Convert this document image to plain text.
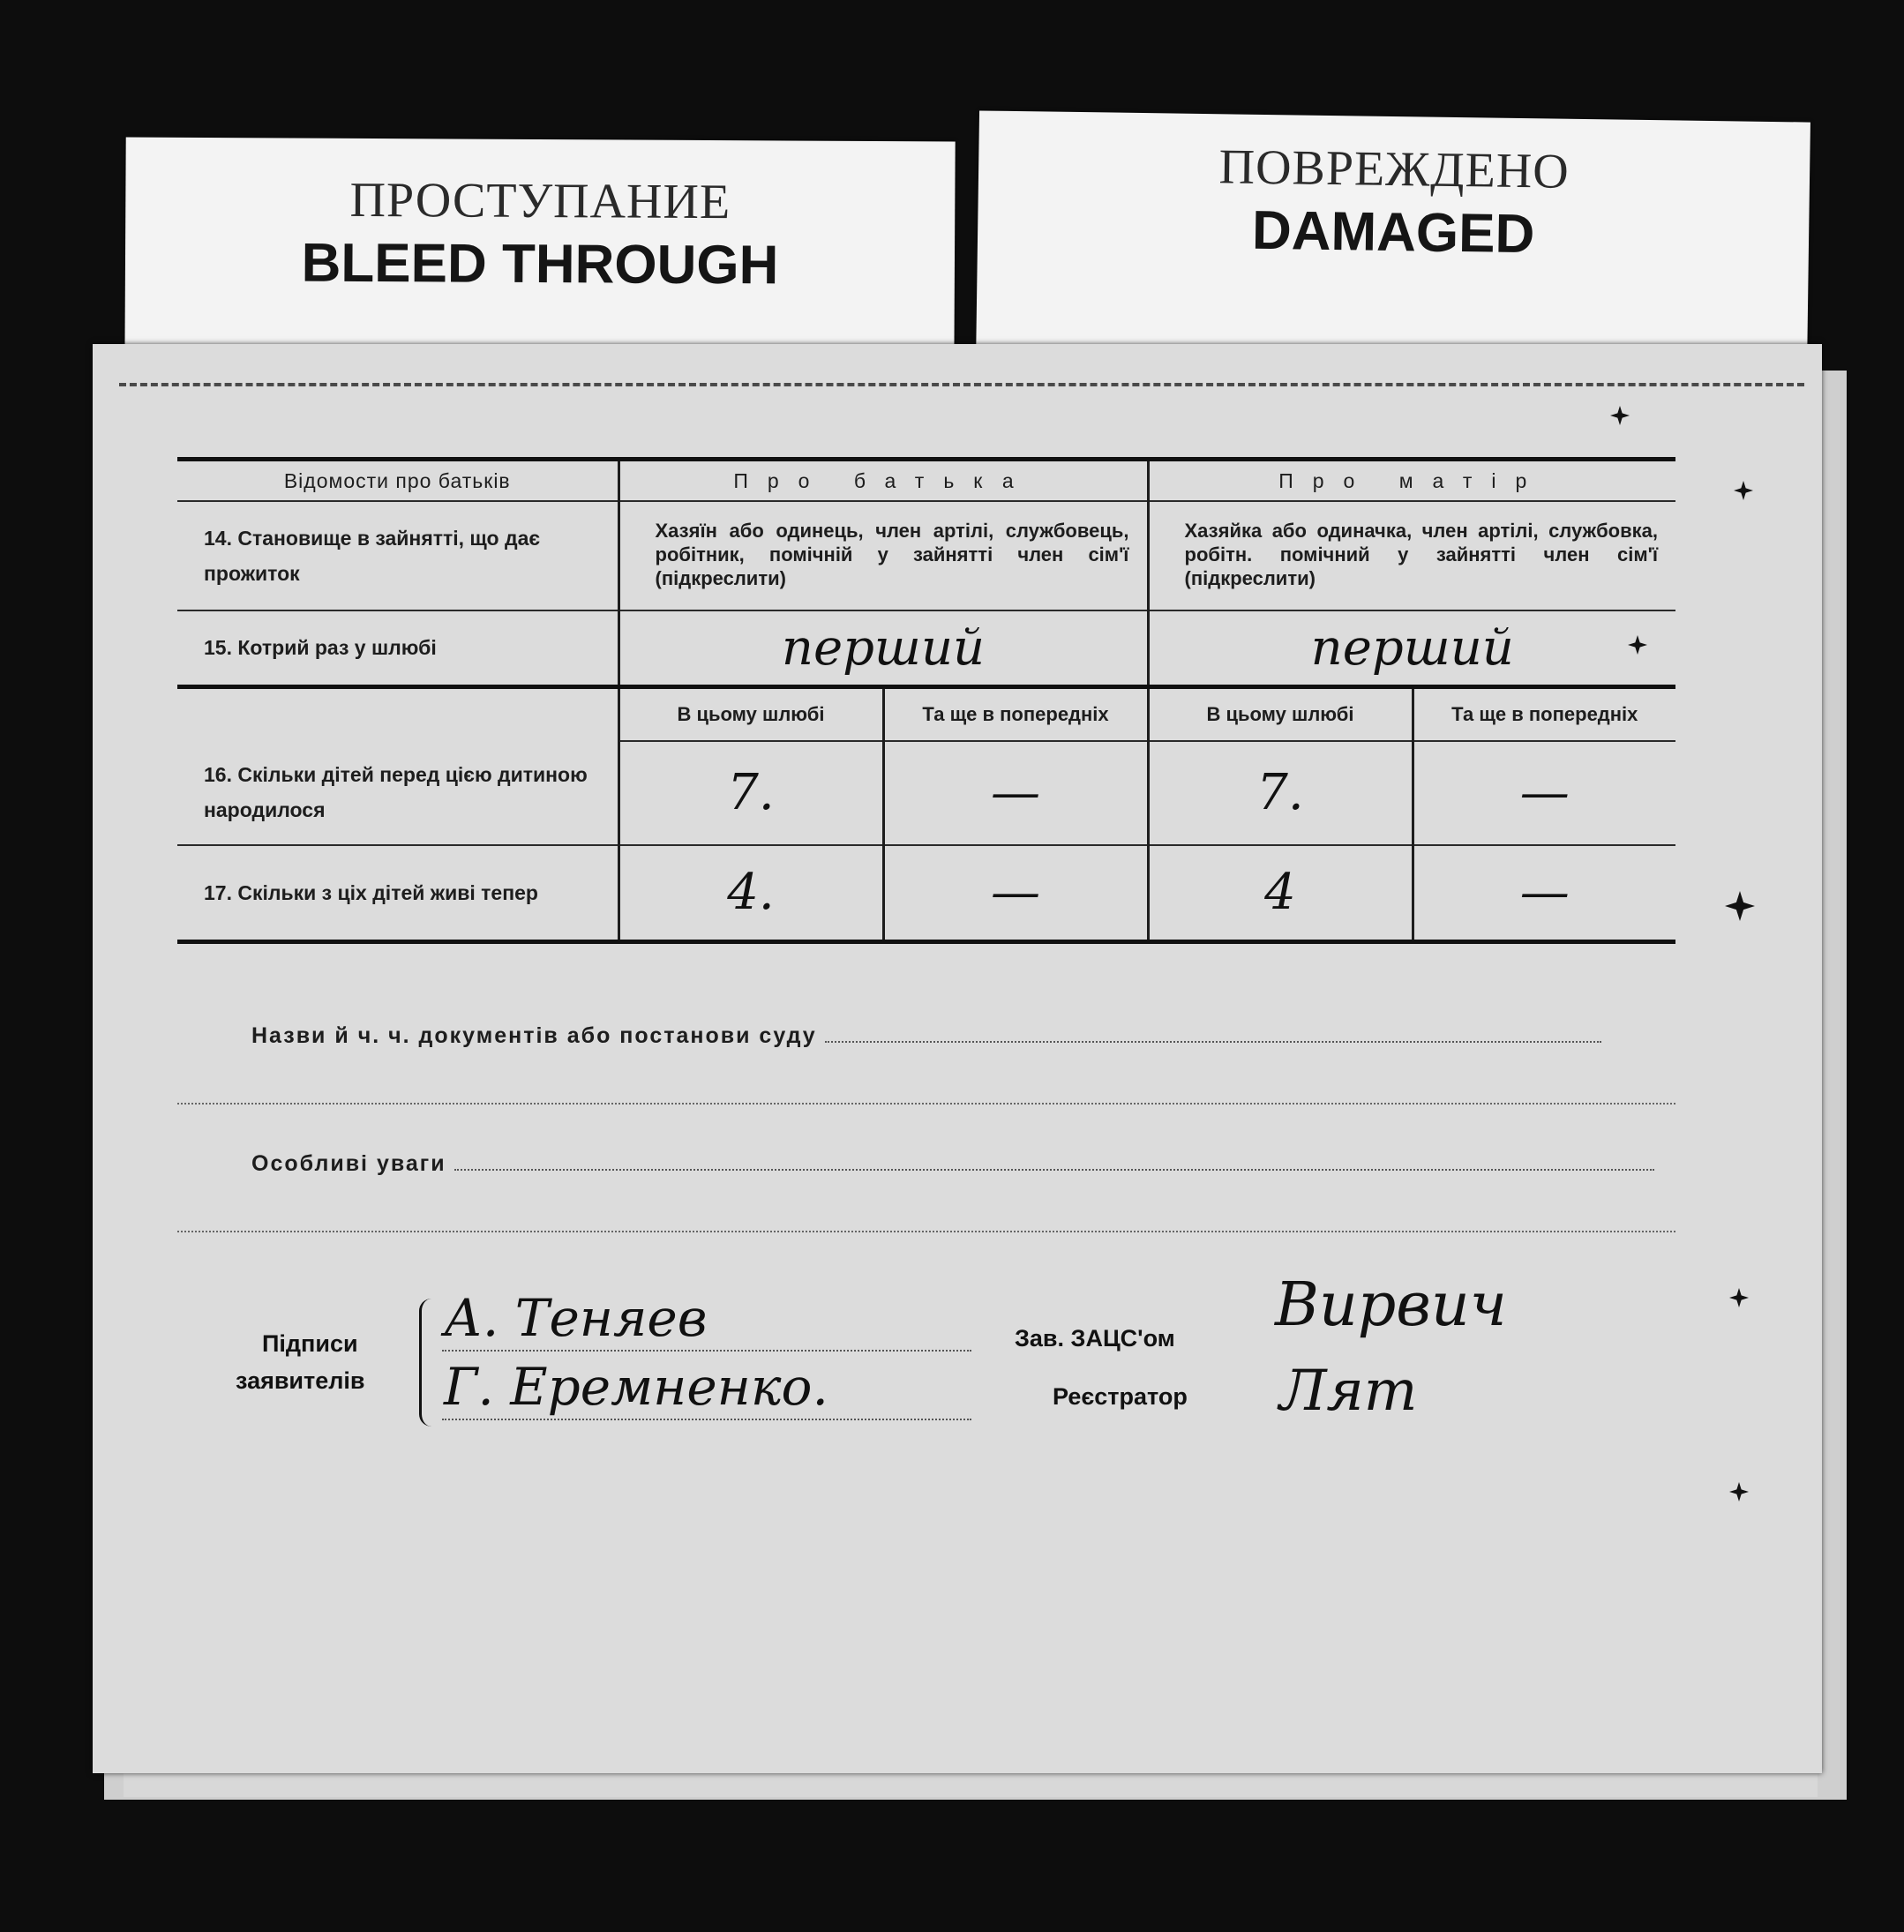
ПРОСТУПАНИЕ
BLEED THROUGH
ПОВРЕЖДЕНО
DAMAGED
Відомости про батьків	Про батька		Про матір	
14. Становище в зайнятті, що дає прожиток	Хазяїн або одинець, член артілі, службовець, робітник, помічній у зайнятті член сім'ї (підкреслити)		Хазяйка або одиначка, член артілі, службовка, робітн. помічний у зайнятті член сім'ї (підкреслити)	
15. Котрий раз у шлюбі	перший		перший	
	В цьому шлюбі	Та ще в попередніх	В цьому шлюбі	Та ще в попередніх
16. Скільки дітей перед цією дитиною народилося	7.	—	7.	—
17. Скільки з ціх дітей живі тепер	4.	—	4	—
Назви й ч. ч. документів або постанови суду
Особливі уваги
Підписи
заявителів
А. Теняев
Г. Еремненко.
Зав. ЗАЦС'ом Вирвич
Реєстратор Лят
